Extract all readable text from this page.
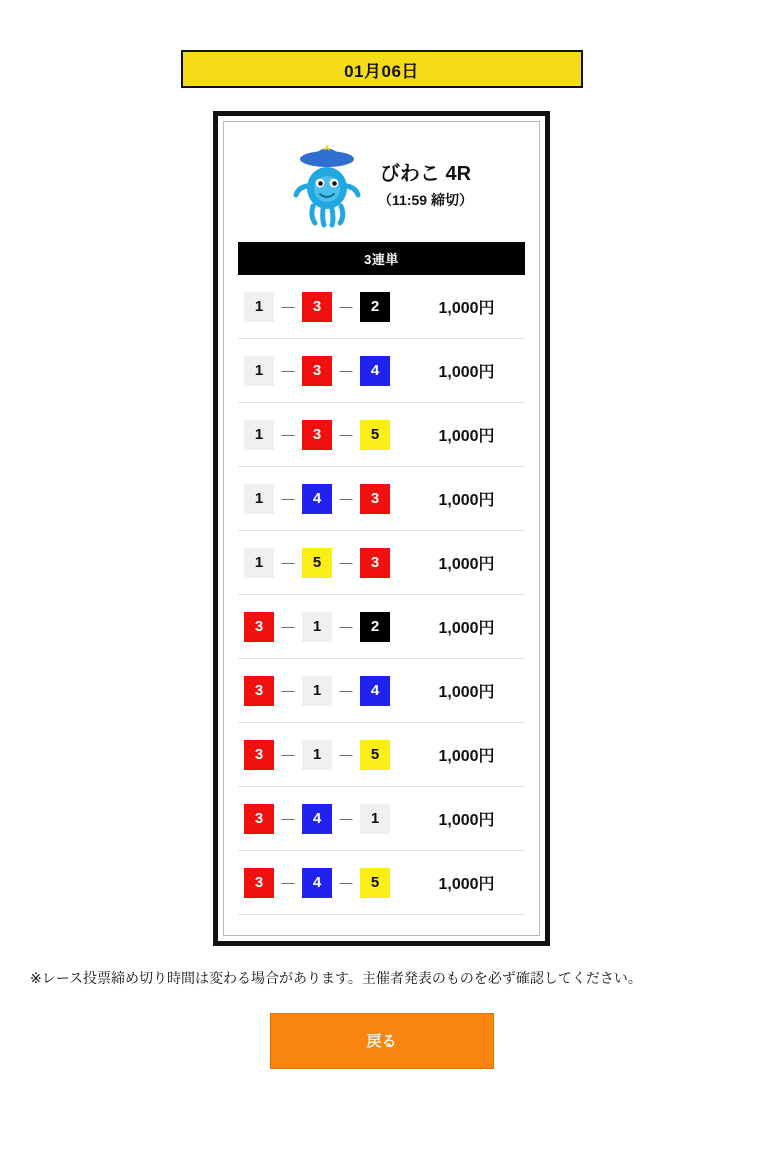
01月06日
びわこ 4R
（11:59 締切）
3連単
1	—	3	—	2	1,000円
1	—	3	—	4	1,000円
1	—	3	—	5	1,000円
1	—	4	—	3	1,000円
1	—	5	—	3	1,000円
3	—	1	—	2	1,000円
3	—	1	—	4	1,000円
3	—	1	—	5	1,000円
3	—	4	—	1	1,000円
3	—	4	—	5	1,000円
※レース投票締め切り時間は変わる場合があります。主催者発表のものを必ず確認してください。
戻る
